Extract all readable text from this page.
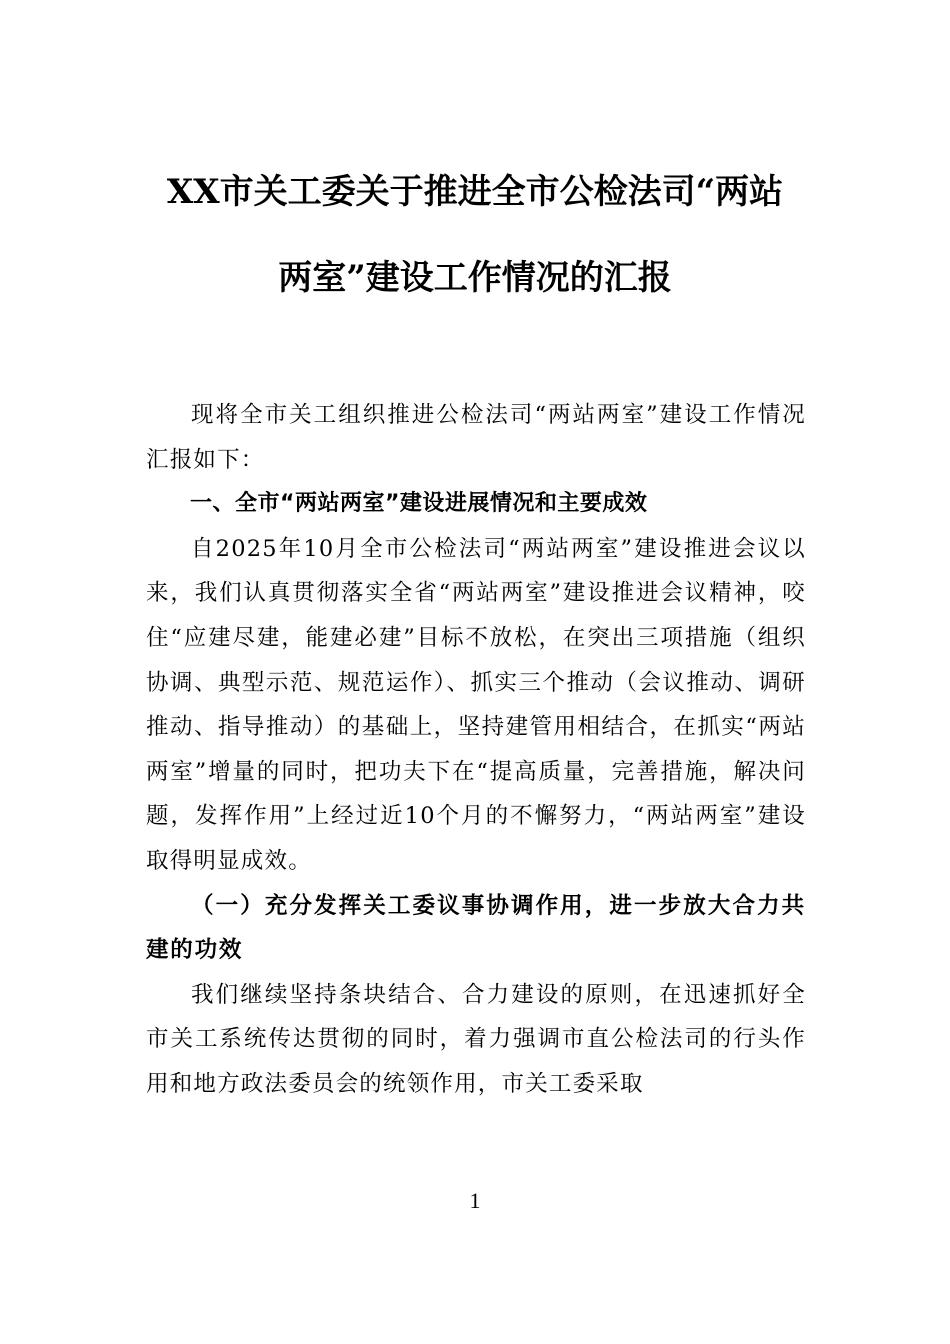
XX市关工委关于推进全市公检法司“两站
两室”建设工作情况的汇报

现将全市关工组织推进公检法司“两站两室”建设工作情况汇报如下：

一、全市“两站两室”建设进展情况和主要成效

自2025年10月全市公检法司“两站两室”建设推进会议以来，我们认真贯彻落实全省“两站两室”建设推进会议精神，咬住“应建尽建，能建必建”目标不放松，在突出三项措施（组织协调、典型示范、规范运作）、抓实三个推动（会议推动、调研推动、指导推动）的基础上，坚持建管用相结合，在抓实“两站两室”增量的同时，把功夫下在“提高质量，完善措施，解决问题，发挥作用”上经过近10个月的不懈努力，“两站两室”建设取得明显成效。

（一）充分发挥关工委议事协调作用，进一步放大合力共建的功效

我们继续坚持条块结合、合力建设的原则，在迅速抓好全市关工系统传达贯彻的同时，着力强调市直公检法司的行头作用和地方政法委员会的统领作用，市关工委采取

1
